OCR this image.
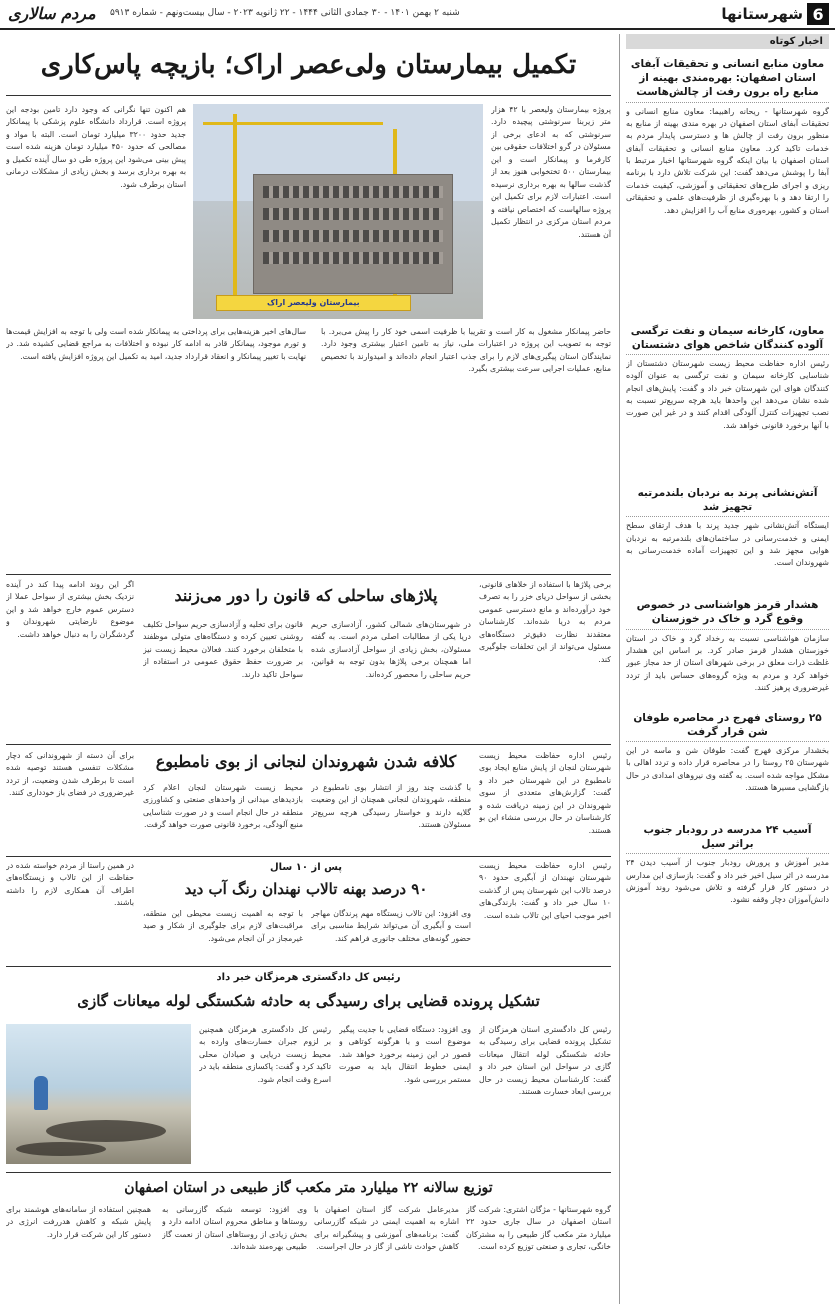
6
شهرستانها
شنبه ۲ بهمن ۱۴۰۱ - ۳۰ جمادی الثانی ۱۴۴۴ - ۲۲ ژانویه ۲۰۲۳ - سال بیست‌ونهم - شماره ۵۹۱۳
مردم سالاری
اخبار کوتاه
معاون منابع انسانی و تحقیقات آبفای استان اصفهان: بهره‌مندی بهینه از منابع راه برون رفت از چالش‌هاست
گروه شهرستانها - ریحانه راهبیما: معاون منابع انسانی و تحقیقات آبفای استان اصفهان در بهره مندی بهینه از منابع به منظور برون رفت از چالش ها و دسترسی پایدار مردم به خدمات تاکید کرد. معاون منابع انسانی و تحقیقات آبفای استان اصفهان با بیان اینکه گروه شهرستانها اخبار مرتبط با آبفا را پوشش می‌دهد گفت: این شرکت تلاش دارد با برنامه ریزی و اجرای طرح‌های تحقیقاتی و آموزشی، کیفیت خدمات را ارتقا دهد و با بهره‌گیری از ظرفیت‌های علمی و تحقیقاتی استان و کشور، بهره‌وری منابع آب را افزایش دهد.
معاون، کارخانه سیمان و نفت ترگسی آلوده کنندگان شاخص هوای دشتستان
رئیس اداره حفاظت محیط زیست شهرستان دشتستان از شناسایی کارخانه سیمان و نفت ترگسی به عنوان آلوده کنندگان هوای این شهرستان خبر داد و گفت: پایش‌های انجام شده نشان می‌دهد این واحدها باید هرچه سریع‌تر نسبت به نصب تجهیزات کنترل آلودگی اقدام کنند و در غیر این صورت با آنها برخورد قانونی خواهد شد.
آتش‌نشانی پرند به نردبان بلندمرتبه تجهیز شد
ایستگاه آتش‌نشانی شهر جدید پرند با هدف ارتقای سطح ایمنی و خدمت‌رسانی در ساختمان‌های بلندمرتبه به نردبان هوایی مجهز شد و این تجهیزات آماده خدمت‌رسانی به شهروندان است.
هشدار قرمز هواشناسی در خصوص وقوع گرد و خاک در خوزستان
سازمان هواشناسی نسبت به رخداد گرد و خاک در استان خوزستان هشدار قرمز صادر کرد. بر اساس این هشدار غلظت ذرات معلق در برخی شهرهای استان از حد مجاز عبور خواهد کرد و مردم به ویژه گروه‌های حساس باید از تردد غیرضروری پرهیز کنند.
۲۵ روستای فهرج در محاصره طوفان شن قرار گرفت
بخشدار مرکزی فهرج گفت: طوفان شن و ماسه در این شهرستان ۲۵ روستا را در محاصره قرار داده و تردد اهالی با مشکل مواجه شده است. به گفته وی نیروهای امدادی در حال بازگشایی مسیرها هستند.
آسیب ۲۴ مدرسه در رودبار جنوب براثر سیل
مدیر آموزش و پرورش رودبار جنوب از آسیب دیدن ۲۴ مدرسه در اثر سیل اخیر خبر داد و گفت: بازسازی این مدارس در دستور کار قرار گرفته و تلاش می‌شود روند آموزش دانش‌آموزان دچار وقفه نشود.
تکمیل بیمارستان ولی‌عصر اراک؛ بازیچه پاس‌کاری
پروژه بیمارستان ولیعصر با ۴۲ هزار متر زیربنا سرنوشتی پیچیده دارد. سرنوشتی که به ادعای برخی از مسئولان در گرو اختلافات حقوقی بین کارفرما و پیمانکار است و این بیمارستان ۵۰۰ تختخوابی هنوز بعد از گذشت سالها به بهره برداری نرسیده است. اعتبارات لازم برای تکمیل این پروژه سالهاست که اختصاص نیافته و مردم استان مرکزی در انتظار تکمیل آن هستند.
بیمارستان ولیعصر اراک
هم اکنون تنها نگرانی که وجود دارد تامین بودجه این پروژه است. قرارداد دانشگاه علوم پزشکی با پیمانکار جدید حدود ۳۲۰۰ میلیارد تومان است. البته با مواد و مصالحی که حدود ۴۵۰ میلیارد تومان هزینه شده است پیش بینی می‌شود این پروژه طی دو سال آینده تکمیل و به بهره برداری برسد و بخش زیادی از مشکلات درمانی استان برطرف شود.
حاضر پیمانکار مشغول به کار است و تقریبا با ظرفیت اسمی خود کار را پیش می‌برد. با توجه به تصویب این پروژه در اعتبارات ملی، نیاز به تامین اعتبار بیشتری وجود دارد. نمایندگان استان پیگیری‌های لازم را برای جذب اعتبار انجام داده‌اند و امیدوارند با تخصیص منابع، عملیات اجرایی سرعت بیشتری بگیرد.
سال‌های اخیر هزینه‌هایی برای پرداختی به پیمانکار شده است ولی با توجه به افزایش قیمت‌ها و تورم موجود، پیمانکار قادر به ادامه کار نبوده و اختلافات به مراجع قضایی کشیده شد. در نهایت با تغییر پیمانکار و انعقاد قرارداد جدید، امید به تکمیل این پروژه افزایش یافته است.
پلاژهای ساحلی که قانون را دور می‌زنند
برخی پلاژها با استفاده از خلاهای قانونی، بخشی از سواحل دریای خزر را به تصرف خود درآورده‌اند و مانع دسترسی عمومی مردم به دریا شده‌اند. کارشناسان معتقدند نظارت دقیق‌تر دستگاه‌های مسئول می‌تواند از این تخلفات جلوگیری کند.
در شهرستان‌های شمالی کشور، آزادسازی حریم دریا یکی از مطالبات اصلی مردم است. به گفته مسئولان، بخش زیادی از سواحل آزادسازی شده اما همچنان برخی پلاژها بدون توجه به قوانین، حریم ساحلی را محصور کرده‌اند.
قانون برای تخلیه و آزادسازی حریم سواحل تکلیف روشنی تعیین کرده و دستگاه‌های متولی موظفند با متخلفان برخورد کنند. فعالان محیط زیست نیز بر ضرورت حفظ حقوق عمومی در استفاده از سواحل تاکید دارند.
اگر این روند ادامه پیدا کند در آینده نزدیک بخش بیشتری از سواحل عملا از دسترس عموم خارج خواهد شد و این موضوع نارضایتی شهروندان و گردشگران را به دنبال خواهد داشت.
کلافه شدن شهروندان لنجانی از بوی نامطبوع	رئیس اداره حفاظت محیط زیست شهرستان لنجان از پایش منابع ایجاد بوی نامطبوع در این شهرستان خبر داد و گفت: گزارش‌های متعددی از سوی شهروندان در این زمینه دریافت شده و کارشناسان در حال بررسی منشاء این بو هستند.
با گذشت چند روز از انتشار بوی نامطبوع در منطقه، شهروندان لنجانی همچنان از این وضعیت گلایه دارند و خواستار رسیدگی هرچه سریع‌تر مسئولان هستند.
محیط زیست شهرستان لنجان اعلام کرد بازدیدهای میدانی از واحدهای صنعتی و کشاورزی منطقه در حال انجام است و در صورت شناسایی منبع آلودگی، برخورد قانونی صورت خواهد گرفت.
برای آن دسته از شهروندانی که دچار مشکلات تنفسی هستند توصیه شده است تا برطرف شدن وضعیت، از تردد غیرضروری در فضای باز خودداری کنند.
پس از ۱۰ سال
۹۰ درصد بهنه تالاب نهندان رنگ آب دید
رئیس اداره حفاظت محیط زیست شهرستان نهبندان از آبگیری حدود ۹۰ درصد تالاب این شهرستان پس از گذشت ۱۰ سال خبر داد و گفت: بارندگی‌های اخیر موجب احیای این تالاب شده است.
وی افزود: این تالاب زیستگاه مهم پرندگان مهاجر است و آبگیری آن می‌تواند شرایط مناسبی برای حضور گونه‌های مختلف جانوری فراهم کند.
با توجه به اهمیت زیست محیطی این منطقه، مراقبت‌های لازم برای جلوگیری از شکار و صید غیرمجاز در آن انجام می‌شود.
در همین راستا از مردم خواسته شده در حفاظت از این تالاب و زیستگاه‌های اطراف آن همکاری لازم را داشته باشند.
رئیس کل دادگستری هرمزگان خبر داد
تشکیل پرونده قضایی برای رسیدگی به حادثه شکستگی لوله میعانات گازی
رئیس کل دادگستری استان هرمزگان از تشکیل پرونده قضایی برای رسیدگی به حادثه شکستگی لوله انتقال میعانات گازی در سواحل این استان خبر داد و گفت: کارشناسان محیط زیست در حال بررسی ابعاد خسارت هستند.
وی افزود: دستگاه قضایی با جدیت پیگیر موضوع است و با هرگونه کوتاهی و قصور در این زمینه برخورد خواهد شد. ایمنی خطوط انتقال باید به صورت مستمر بررسی شود.
رئیس کل دادگستری هرمزگان همچنین بر لزوم جبران خسارت‌های وارده به محیط زیست دریایی و صیادان محلی تاکید کرد و گفت: پاکسازی منطقه باید در اسرع وقت انجام شود.
توزیع سالانه ۲۲ میلیارد متر مکعب گاز طبیعی در استان اصفهان
گروه شهرستانها - مژگان اشتری: شرکت گاز استان اصفهان در سال جاری حدود ۲۲ میلیارد متر مکعب گاز طبیعی را به مشترکان خانگی، تجاری و صنعتی توزیع کرده است.
مدیرعامل شرکت گاز استان اصفهان با اشاره به اهمیت ایمنی در شبکه گازرسانی گفت: برنامه‌های آموزشی و پیشگیرانه برای کاهش حوادث ناشی از گاز در حال اجراست.
وی افزود: توسعه شبکه گازرسانی به روستاها و مناطق محروم استان ادامه دارد و بخش زیادی از روستاهای استان از نعمت گاز طبیعی بهره‌مند شده‌اند.
همچنین استفاده از سامانه‌های هوشمند برای پایش شبکه و کاهش هدررفت انرژی در دستور کار این شرکت قرار دارد.
